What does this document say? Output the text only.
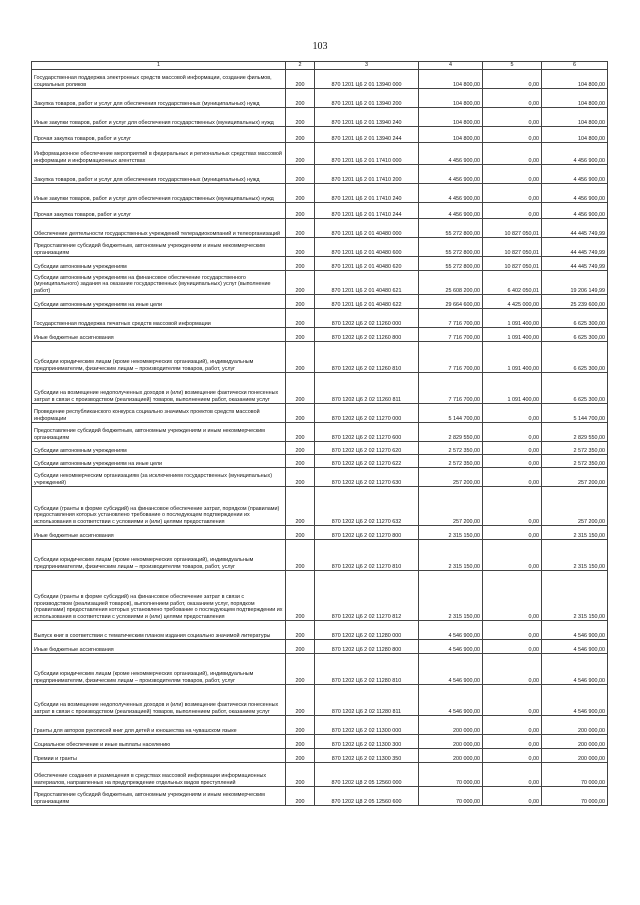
103
1	2	3	4	5	6
Государственная поддержка электронных средств массовой информации, создание фильмов, социальных роликов	200	870 1201 Ц6 2 01 13940 000	104 800,00	0,00	104 800,00
Закупка товаров, работ и услуг для обеспечения государственных (муниципальных) нужд	200	870 1201 Ц6 2 01 13940 200	104 800,00	0,00	104 800,00
Иные закупки товаров, работ и услуг для обеспечения государственных (муниципальных) нужд	200	870 1201 Ц6 2 01 13940 240	104 800,00	0,00	104 800,00
Прочая закупка товаров, работ и услуг	200	870 1201 Ц6 2 01 13940 244	104 800,00	0,00	104 800,00
Информационное обеспечение мероприятий в федеральных и региональных средствах массовой информации и информационных агентствах	200	870 1201 Ц6 2 01 17410 000	4 456 900,00	0,00	4 456 900,00
Закупка товаров, работ и услуг для обеспечения государственных (муниципальных) нужд	200	870 1201 Ц6 2 01 17410 200	4 456 900,00	0,00	4 456 900,00
Иные закупки товаров, работ и услуг для обеспечения государственных (муниципальных) нужд	200	870 1201 Ц6 2 01 17410 240	4 456 900,00	0,00	4 456 900,00
Прочая закупка товаров, работ и услуг	200	870 1201 Ц6 2 01 17410 244	4 456 900,00	0,00	4 456 900,00
Обеспечение деятельности государственных учреждений телерадиокомпаний и телеорганизаций	200	870 1201 Ц6 2 01 40480 000	55 272 800,00	10 827 050,01	44 445 749,99
Предоставление субсидий бюджетным, автономным учреждениям и иным некоммерческим организациям	200	870 1201 Ц6 2 01 40480 600	55 272 800,00	10 827 050,01	44 445 749,99
Субсидии автономным учреждениям	200	870 1201 Ц6 2 01 40480 620	55 272 800,00	10 827 050,01	44 445 749,99
Субсидии автономным учреждениям на финансовое обеспечение государственного (муниципального) задания на оказание государственных (муниципальных) услуг (выполнение работ)	200	870 1201 Ц6 2 01 40480 621	25 608 200,00	6 402 050,01	19 206 149,99
Субсидии автономным учреждениям на иные цели	200	870 1201 Ц6 2 01 40480 622	29 664 600,00	4 425 000,00	25 239 600,00
Государственная поддержка печатных средств массовой информации	200	870 1202 Ц6 2 02 11260 000	7 716 700,00	1 091 400,00	6 625 300,00
Иные бюджетные ассигнования	200	870 1202 Ц6 2 02 11260 800	7 716 700,00	1 091 400,00	6 625 300,00
Субсидии юридическим лицам (кроме некоммерческих организаций), индивидуальным предпринимателям, физическим лицам – производителям товаров, работ, услуг	200	870 1202 Ц6 2 02 11260 810	7 716 700,00	1 091 400,00	6 625 300,00
Субсидии на возмещение недополученных доходов и (или) возмещение фактически понесенных затрат в связи с производством (реализацией) товаров, выполнением работ, оказанием услуг	200	870 1202 Ц6 2 02 11260 811	7 716 700,00	1 091 400,00	6 625 300,00
Проведение республиканского конкурса социально значимых проектов средств массовой информации	200	870 1202 Ц6 2 02 11270 000	5 144 700,00	0,00	5 144 700,00
Предоставление субсидий бюджетным, автономным учреждениям и иным некоммерческим организациям	200	870 1202 Ц6 2 02 11270 600	2 829 550,00	0,00	2 829 550,00
Субсидии автономным учреждениям	200	870 1202 Ц6 2 02 11270 620	2 572 350,00	0,00	2 572 350,00
Субсидии автономным учреждениям на иные цели	200	870 1202 Ц6 2 02 11270 622	2 572 350,00	0,00	2 572 350,00
Субсидии некоммерческим организациям (за исключением государственных (муниципальных) учреждений)	200	870 1202 Ц6 2 02 11270 630	257 200,00	0,00	257 200,00
Субсидии (гранты в форме субсидий) на финансовое обеспечение затрат, порядком (правилами) предоставления которых установлено требование о последующем подтверждении их использования в соответствии с условиями и (или) целями предоставления	200	870 1202 Ц6 2 02 11270 632	257 200,00	0,00	257 200,00
Иные бюджетные ассигнования	200	870 1202 Ц6 2 02 11270 800	2 315 150,00	0,00	2 315 150,00
Субсидии юридическим лицам (кроме некоммерческих организаций), индивидуальным предпринимателям, физическим лицам – производителям товаров, работ, услуг	200	870 1202 Ц6 2 02 11270 810	2 315 150,00	0,00	2 315 150,00
Субсидии (гранты в форме субсидий) на финансовое обеспечение затрат в связи с производством (реализацией товаров), выполнением работ, оказанием услуг, порядком (правилами) предоставления которых установлено требование о последующем подтверждении их использования в соответствии с условиями и (или) целями предоставления	200	870 1202 Ц6 2 02 11270 812	2 315 150,00	0,00	2 315 150,00
Выпуск книг в соответствии с тематическим планом издания социально значимой литературы	200	870 1202 Ц6 2 02 11280 000	4 546 900,00	0,00	4 546 900,00
Иные бюджетные ассигнования	200	870 1202 Ц6 2 02 11280 800	4 546 900,00	0,00	4 546 900,00
Субсидии юридическим лицам (кроме некоммерческих организаций), индивидуальным предпринимателям, физическим лицам – производителям товаров, работ, услуг	200	870 1202 Ц6 2 02 11280 810	4 546 900,00	0,00	4 546 900,00
Субсидии на возмещение недополученных доходов и (или) возмещение фактически понесенных затрат в связи с производством (реализацией) товаров, выполнением работ, оказанием услуг	200	870 1202 Ц6 2 02 11280 811	4 546 900,00	0,00	4 546 900,00
Гранты для авторов рукописей книг для детей и юношества на чувашском языке	200	870 1202 Ц6 2 02 11300 000	200 000,00	0,00	200 000,00
Социальное обеспечение и иные выплаты населению	200	870 1202 Ц6 2 02 11300 300	200 000,00	0,00	200 000,00
Премии и гранты	200	870 1202 Ц6 2 02 11300 350	200 000,00	0,00	200 000,00
Обеспечение создания и размещения в средствах массовой информации информационных материалов, направленных на предупреждение отдельных видов преступлений	200	870 1202 Ц8 2 05 12560 000	70 000,00	0,00	70 000,00
Предоставление субсидий бюджетным, автономным учреждениям и иным некоммерческим организациям	200	870 1202 Ц8 2 05 12560 600	70 000,00	0,00	70 000,00
